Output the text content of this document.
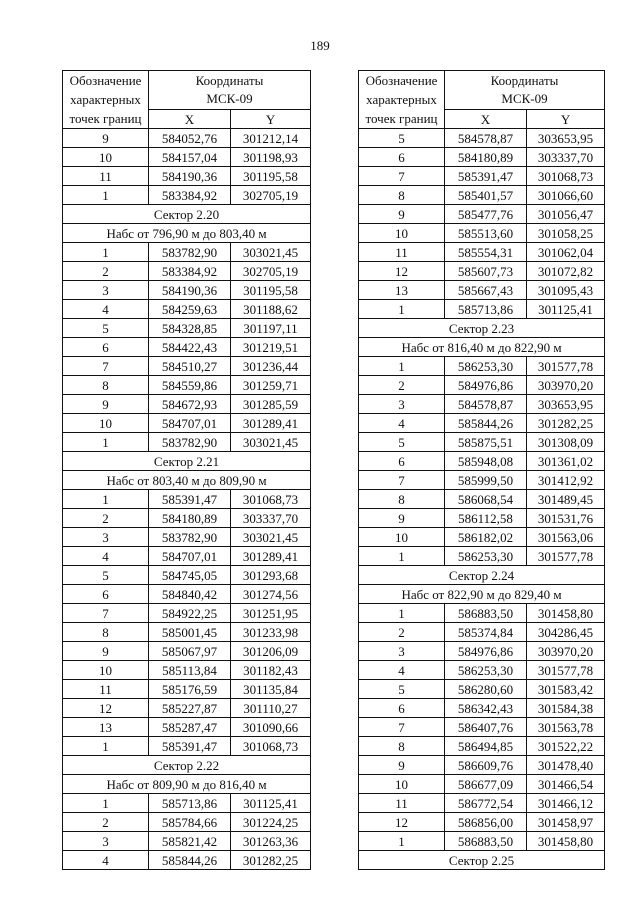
189
Обозначение
характерных
точек границ	Координаты
МСК-09	

	X	Y
9	584052,76	301212,14
10	584157,04	301198,93
11	584190,36	301195,58
1	583384,92	302705,19
Сектор 2.20		
Набс от 796,90 м до 803,40 м		
1	583782,90	303021,45
2	583384,92	302705,19
3	584190,36	301195,58
4	584259,63	301188,62
5	584328,85	301197,11
6	584422,43	301219,51
7	584510,27	301236,44
8	584559,86	301259,71
9	584672,93	301285,59
10	584707,01	301289,41
1	583782,90	303021,45
Сектор 2.21		
Набс от 803,40 м до 809,90 м		
1	585391,47	301068,73
2	584180,89	303337,70
3	583782,90	303021,45
4	584707,01	301289,41
5	584745,05	301293,68
6	584840,42	301274,56
7	584922,25	301251,95
8	585001,45	301233,98
9	585067,97	301206,09
10	585113,84	301182,43
11	585176,59	301135,84
12	585227,87	301110,27
13	585287,47	301090,66
1	585391,47	301068,73
Сектор 2.22		
Набс от 809,90 м до 816,40 м		
1	585713,86	301125,41
2	585784,66	301224,25
3	585821,42	301263,36
4	585844,26	301282,25
Обозначение
характерных
точек границ	Координаты
МСК-09	

	X	Y
5	584578,87	303653,95
6	584180,89	303337,70
7	585391,47	301068,73
8	585401,57	301066,60
9	585477,76	301056,47
10	585513,60	301058,25
11	585554,31	301062,04
12	585607,73	301072,82
13	585667,43	301095,43
1	585713,86	301125,41
Сектор 2.23		
Набс от 816,40 м до 822,90 м		
1	586253,30	301577,78
2	584976,86	303970,20
3	584578,87	303653,95
4	585844,26	301282,25
5	585875,51	301308,09
6	585948,08	301361,02
7	585999,50	301412,92
8	586068,54	301489,45
9	586112,58	301531,76
10	586182,02	301563,06
1	586253,30	301577,78
Сектор 2.24		
Набс от 822,90 м до 829,40 м		
1	586883,50	301458,80
2	585374,84	304286,45
3	584976,86	303970,20
4	586253,30	301577,78
5	586280,60	301583,42
6	586342,43	301584,38
7	586407,76	301563,78
8	586494,85	301522,22
9	586609,76	301478,40
10	586677,09	301466,54
11	586772,54	301466,12
12	586856,00	301458,97
1	586883,50	301458,80
Сектор 2.25		
